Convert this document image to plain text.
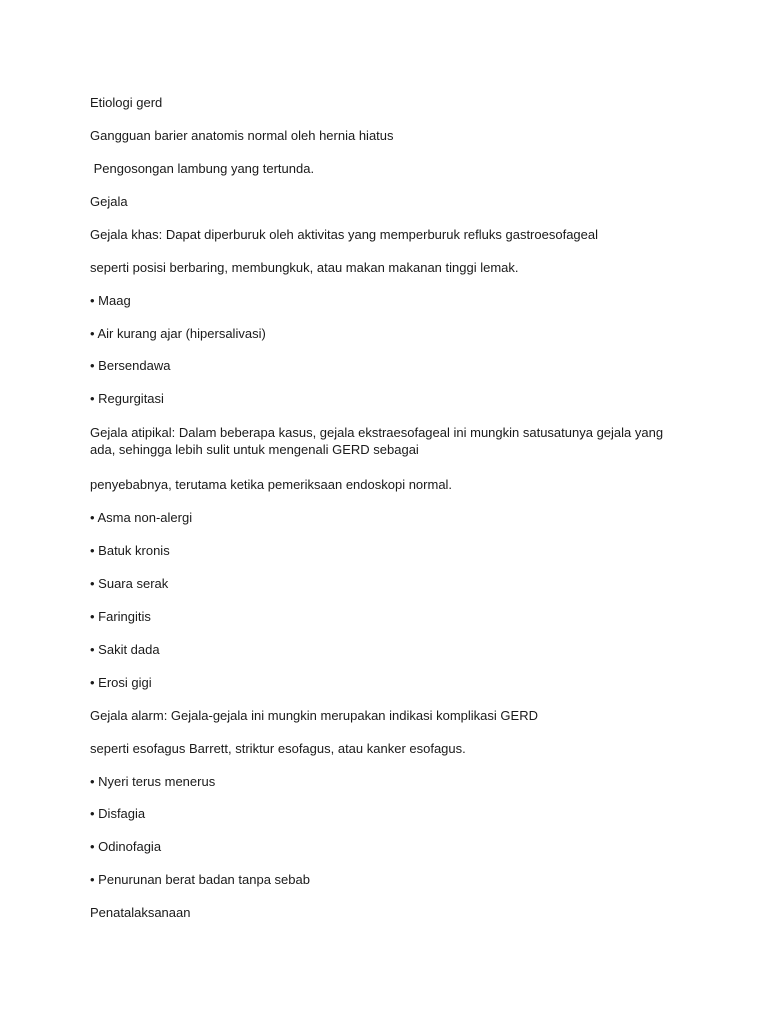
Etiologi gerd
Gangguan barier anatomis normal oleh hernia hiatus
Pengosongan lambung yang tertunda.
Gejala
Gejala khas: Dapat diperburuk oleh aktivitas yang memperburuk refluks gastroesofageal
seperti posisi berbaring, membungkuk, atau makan makanan tinggi lemak.
• Maag
• Air kurang ajar (hipersalivasi)
• Bersendawa
• Regurgitasi
Gejala atipikal: Dalam beberapa kasus, gejala ekstraesofageal ini mungkin satusatunya gejala yang ada, sehingga lebih sulit untuk mengenali GERD sebagai
penyebabnya, terutama ketika pemeriksaan endoskopi normal.
• Asma non-alergi
• Batuk kronis
• Suara serak
• Faringitis
• Sakit dada
• Erosi gigi
Gejala alarm: Gejala-gejala ini mungkin merupakan indikasi komplikasi GERD
seperti esofagus Barrett, striktur esofagus, atau kanker esofagus.
• Nyeri terus menerus
• Disfagia
• Odinofagia
• Penurunan berat badan tanpa sebab
Penatalaksanaan
